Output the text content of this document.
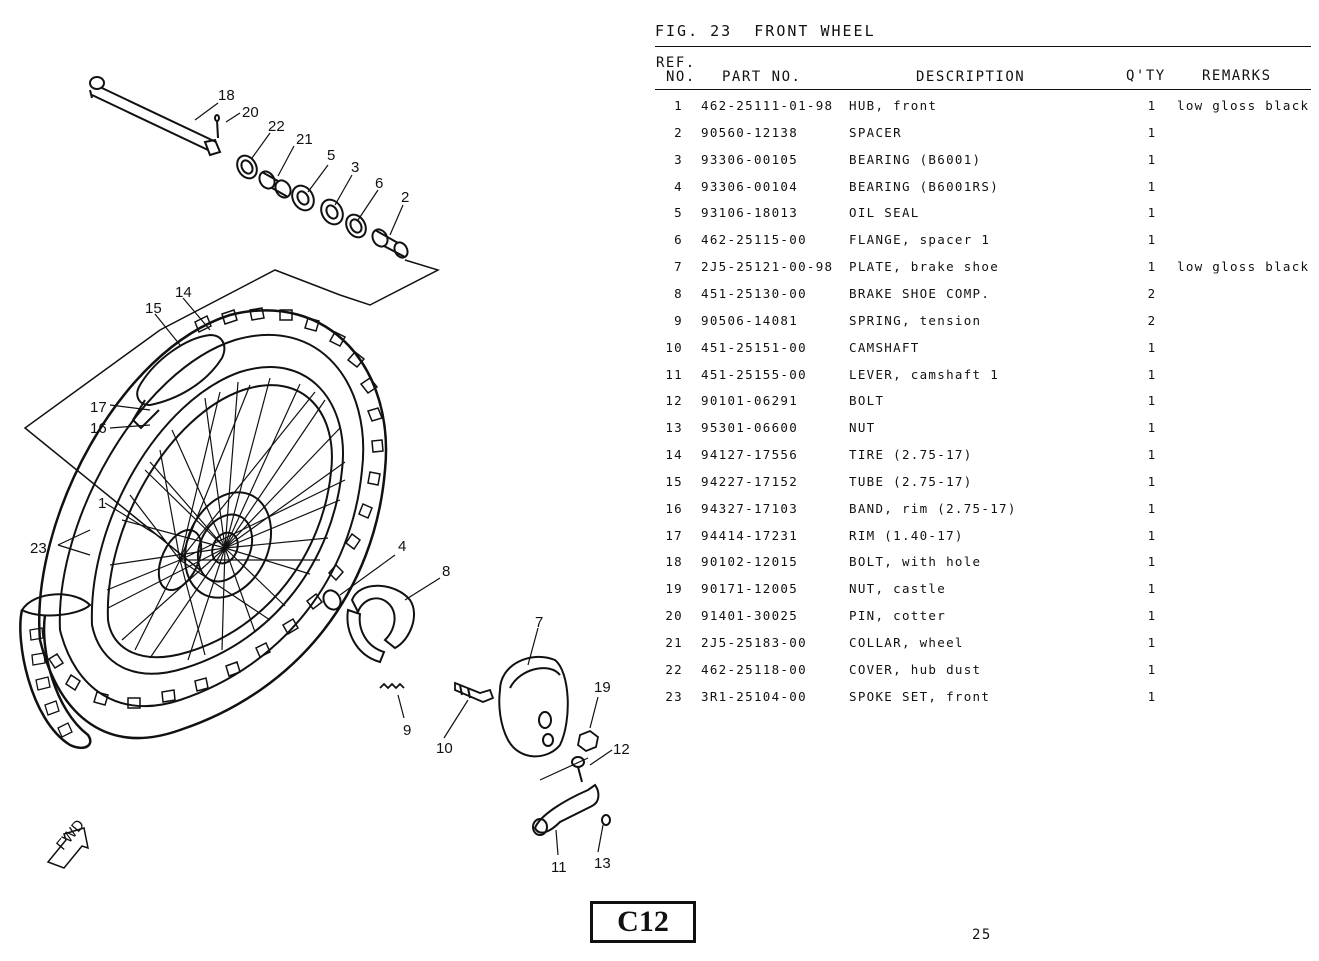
FWD
18
20
22
21
5
3
6
2
14
15
17
16
1
23	4
8
7
19
12
9
10
11 13
FIG. 23 FRONT WHEEL
REF.
NO. PART NO.	DESCRIPTION	Q'TY	REMARKS
1 462-25111-01-98 HUB, front	1 low gloss black
2 90560-12138	SPACER	1
3 93306-00105	BEARING (B6001)	1
4 93306-00104	BEARING (B6001RS)	1
5 93106-18013	OIL SEAL	1
6 462-25115-00	FLANGE, spacer 1	1
7 2J5-25121-00-98 PLATE, brake shoe	1 low gloss black
8 451-25130-00	BRAKE SHOE COMP.	2
9 90506-14081	SPRING, tension	2
10 451-25151-00	CAMSHAFT	1
11 451-25155-00	LEVER, camshaft 1	1
12 90101-06291	BOLT	1
13 95301-06600	NUT	1
14 94127-17556	TIRE (2.75-17)	1
15 94227-17152	TUBE (2.75-17)	1
16 94327-17103	BAND, rim (2.75-17)	1
17 94414-17231	RIM (1.40-17)	1
18 90102-12015	BOLT, with hole	1
19 90171-12005	NUT, castle	1
20 91401-30025	PIN, cotter	1
21 2J5-25183-00	COLLAR, wheel	1
22 462-25118-00	COVER, hub dust	1
23 3R1-25104-00	SPOKE SET, front	1
C12	25
